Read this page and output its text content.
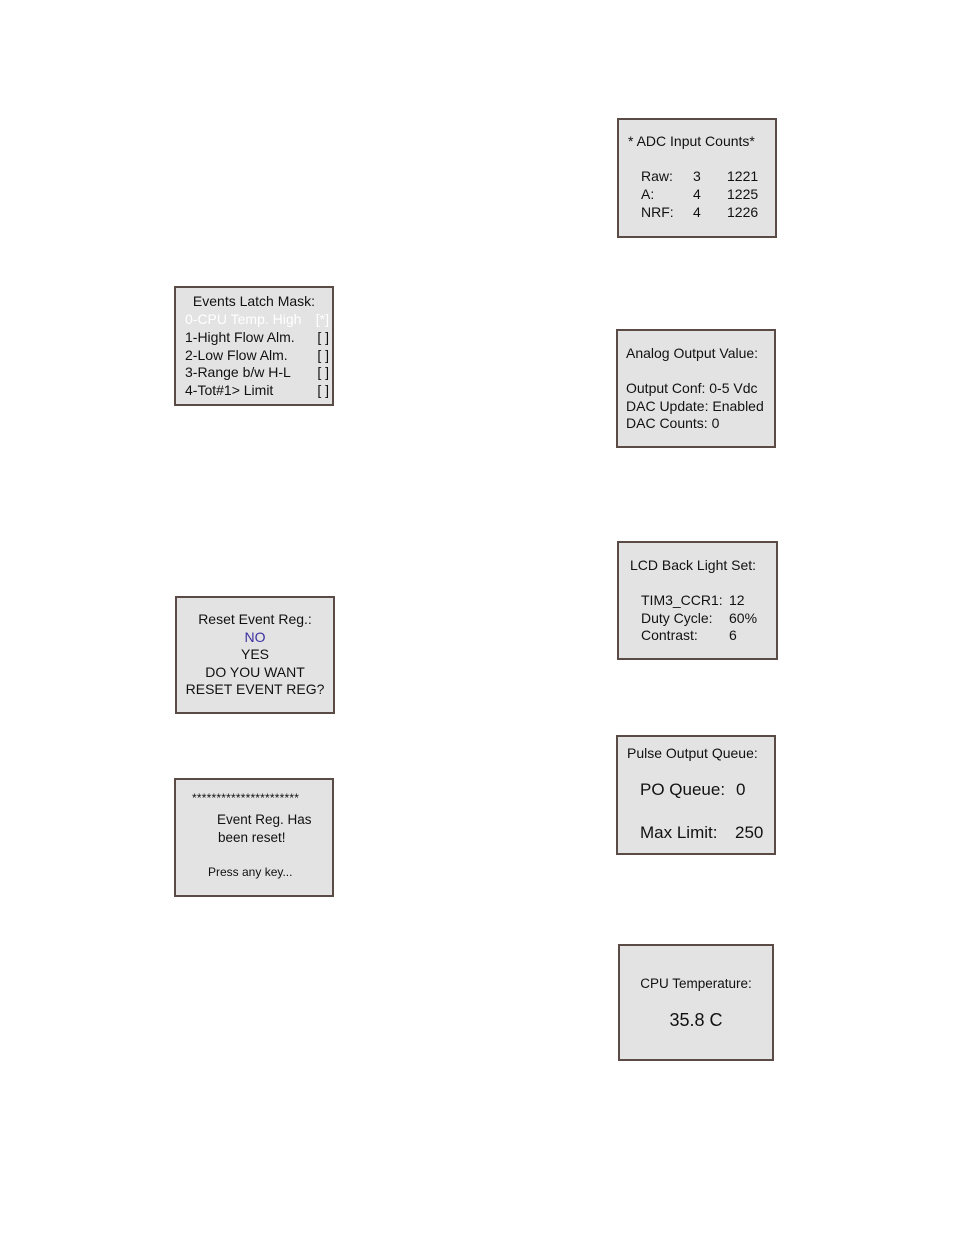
Events Latch Mask:
0-CPU Temp. High [*]
1-Hight Flow Alm. [ ]
2-Low Flow Alm. [ ]
3-Range b/w H-L [ ]
4-Tot#1> Limit	[ ]
Reset Event Reg.:
NO
YES
DO YOU WANT
RESET EVENT REG?
**********************
Event Reg. Has
been reset!
Press any key...
* ADC Input Counts*
Raw: 3 1221
A:	4 1225
NRF: 4 1226
Analog Output Value:
Output Conf: 0-5 Vdc
DAC Update: Enabled
DAC Counts: 0
LCD Back Light Set:
TIM3_CCR1: 12
Duty Cycle: 60%
Contrast: 6
Pulse Output Queue:
PO Queue: 0
Max Limit: 250
CPU Temperature:
35.8 C
